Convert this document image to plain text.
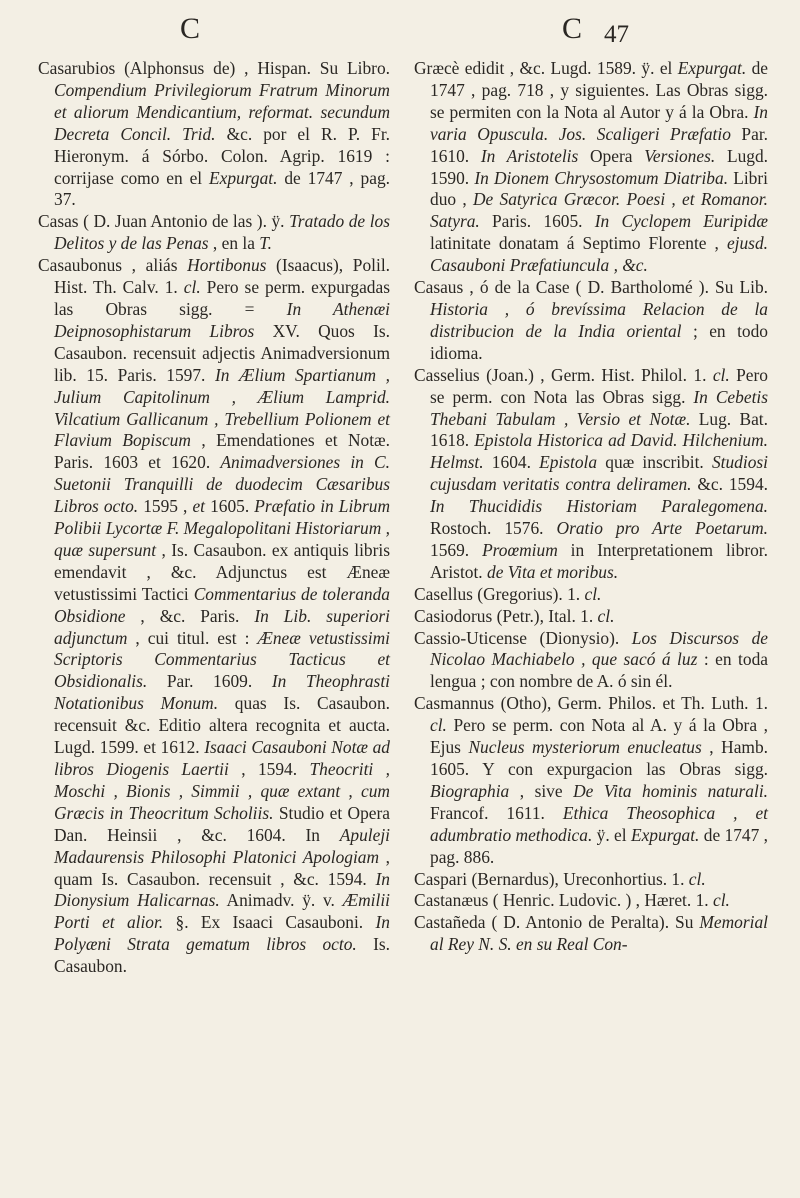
C	C 47

Casarubios (Alphonsus de) , Hispan. Su Libro. Compendium Privilegiorum Fratrum Minorum et aliorum Mendicantium, reformat. secundum Decreta Concil. Trid. &c. por el R. P. Fr. Hieronym. á Sórbo. Colon. Agrip. 1619 : corrijase como en el Expurgat. de 1747 , pag. 37.

Casas ( D. Juan Antonio de las ). ÿ. Tratado de los Delitos y de las Penas , en la T.

Casaubonus , aliás Hortibonus (Isaacus), Polil. Hist. Th. Calv. 1. cl. Pero se perm. expurgadas las Obras sigg. = In Athenæi Deipnosophistarum Libros XV. Quos Is. Casaubon. recensuit adjectis Animadversionum lib. 15. Paris. 1597. In Ælium Spartianum , Julium Capitolinum , Ælium Lamprid. Vilcatium Gallicanum , Trebellium Polionem et Flavium Bopiscum , Emendationes et Notæ. Paris. 1603 et 1620. Animadversiones in C. Suetonii Tranquilli de duodecim Cæsaribus Libros octo. 1595 , et 1605. Præfatio in Librum Polibii Lycortæ F. Megalopolitani Historiarum , quæ supersunt , Is. Casaubon. ex antiquis libris emendavit , &c. Adjunctus est Æneæ vetustissimi Tactici Commentarius de toleranda Obsidione , &c. Paris. In Lib. superiori adjunctum , cui titul. est : Æneæ vetustissimi Scriptoris Commentarius Tacticus et Obsidionalis. Par. 1609. In Theophrasti Notationibus Monum. quas Is. Casaubon. recensuit &c. Editio altera recognita et aucta. Lugd. 1599. et 1612. Isaaci Casauboni Notæ ad libros Diogenis Laertii , 1594. Theocriti , Moschi , Bionis , Simmii , quæ extant , cum Græcis in Theocritum Scholiis. Studio et Opera Dan. Heinsii , &c. 1604. In Apuleji Madaurensis Philosophi Platonici Apologiam , quam Is. Casaubon. recensuit , &c. 1594. In Dionysium Halicarnas. Animadv. ÿ. v. Æmilii Porti et alior. §. Ex Isaaci Casauboni. In Polyæni Strata gematum libros octo. Is. Casaubon.

Græcè edidit , &c. Lugd. 1589. ÿ. el Expurgat. de 1747 , pag. 718 , y siguientes. Las Obras sigg. se permiten con la Nota al Autor y á la Obra. In varia Opuscula. Jos. Scaligeri Præfatio Par. 1610. In Aristotelis Opera Versiones. Lugd. 1590. In Dionem Chrysostomum Diatriba. Libri duo , De Satyrica Græcor. Poesi , et Romanor. Satyra. Paris. 1605. In Cyclopem Euripidæ latinitate donatam á Septimo Florente , ejusd. Casauboni Præfatiuncula , &c.

Casaus , ó de la Case ( D. Bartholomé ). Su Lib. Historia , ó brevíssima Relacion de la distribucion de la India oriental ; en todo idioma.

Casselius (Joan.) , Germ. Hist. Philol. 1. cl. Pero se perm. con Nota las Obras sigg. In Cebetis Thebani Tabulam , Versio et Notæ. Lug. Bat. 1618. Epistola Historica ad David. Hilchenium. Helmst. 1604. Epistola quæ inscribit. Studiosi cujusdam veritatis contra deliramen. &c. 1594. In Thucididis Historiam Paralegomena. Rostoch. 1576. Oratio pro Arte Poetarum. 1569. Proœmium in Interpretationem libror. Aristot. de Vita et moribus.

Casellus (Gregorius). 1. cl.

Casiodorus (Petr.), Ital. 1. cl.

Cassio-Uticense (Dionysio). Los Discursos de Nicolao Machiabelo , que sacó á luz : en toda lengua ; con nombre de A. ó sin él.

Casmannus (Otho), Germ. Philos. et Th. Luth. 1. cl. Pero se perm. con Nota al A. y á la Obra , Ejus Nucleus mysteriorum enucleatus , Hamb. 1605. Y con expurgacion las Obras sigg. Biographia , sive De Vita hominis naturali. Francof. 1611. Ethica Theosophica , et adumbratio methodica. ÿ. el Expurgat. de 1747 , pag. 886.

Caspari (Bernardus), Ureconhortius. 1. cl.

Castanæus ( Henric. Ludovic. ) , Hæret. 1. cl.

Castañeda ( D. Antonio de Peralta). Su Memorial al Rey N. S. en su Real Con-
